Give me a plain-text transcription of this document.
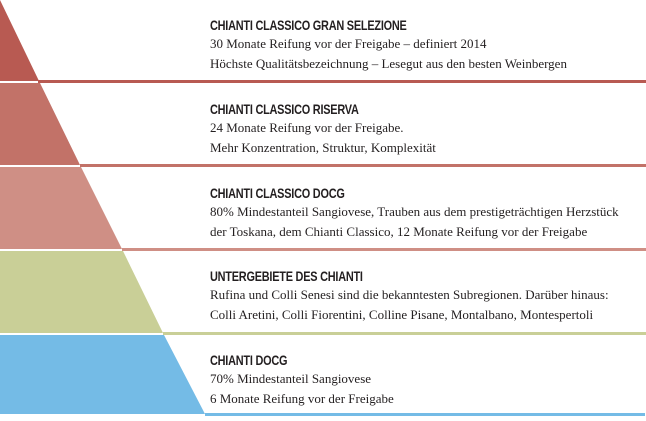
CHIANTI CLASSICO GRAN SELEZIONE
30 Monate Reifung vor der Freigabe – definiert 2014
Höchste Qualitätsbezeichnung – Lesegut aus den besten Weinbergen
CHIANTI CLASSICO RISERVA
24 Monate Reifung vor der Freigabe.
Mehr Konzentration, Struktur, Komplexität
CHIANTI CLASSICO DOCG
80% Mindestanteil Sangiovese, Trauben aus dem prestigeträchtigen Herzstück
der Toskana, dem Chianti Classico, 12 Monate Reifung vor der Freigabe
UNTERGEBIETE DES CHIANTI
Rufina und Colli Senesi sind die bekanntesten Subregionen. Darüber hinaus:
Colli Aretini, Colli Fiorentini, Colline Pisane, Montalbano, Montespertoli
CHIANTI DOCG
70% Mindestanteil Sangiovese
6 Monate Reifung vor der Freigabe
